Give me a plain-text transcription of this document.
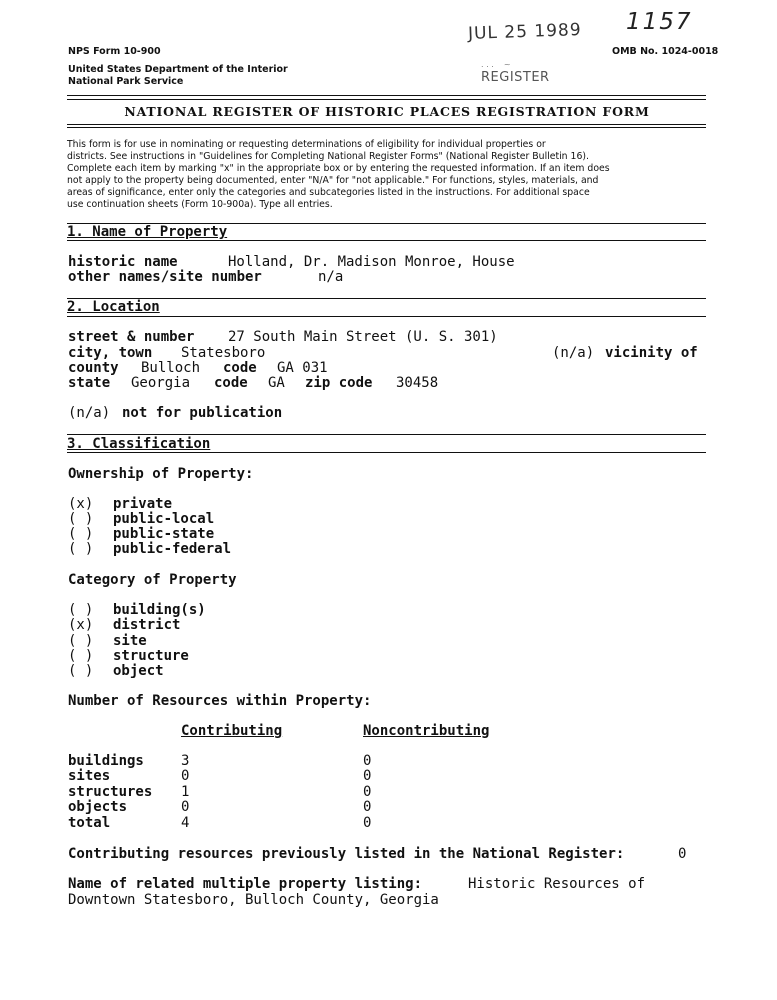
NPS Form 10-900	OMB No. 1024-0018
United States Department of the Interior
National Park Service
JUL 25 1989
. . .    ~
REGISTER
1157
NATIONAL REGISTER OF HISTORIC PLACES REGISTRATION FORM
This form is for use in nominating or requesting determinations of eligibility for individual properties or
districts. See instructions in "Guidelines for Completing National Register Forms" (National Register Bulletin 16).
Complete each item by marking "x" in the appropriate box or by entering the requested information. If an item does
not apply to the property being documented, enter "N/A" for "not applicable." For functions, styles, materials, and
areas of significance, enter only the categories and subcategories listed in the instructions. For additional space
use continuation sheets (Form 10-900a). Type all entries.
1. Name of Property
historic name	Holland, Dr. Madison Monroe, House
other names/site number	n/a
2. Location
street & number 27 South Main Street (U. S. 301)
city, town Statesboro	(n/a) vicinity of
county Bulloch code GA 031
state Georgia code GA zip code 30458
(n/a) not for publication
3. Classification
Ownership of Property:
(x) private
( ) public-local
( ) public-state
( ) public-federal
Category of Property
( ) building(s)
(x) district
( ) site
( ) structure
( ) object
Number of Resources within Property:
Contributing	Noncontributing
buildings	3	0
sites	0	0
structures 1	0
objects	0	0
total	4	0
Contributing resources previously listed in the National Register:	0
Name of related multiple property listing:	Historic Resources of
Downtown Statesboro, Bulloch County, Georgia
